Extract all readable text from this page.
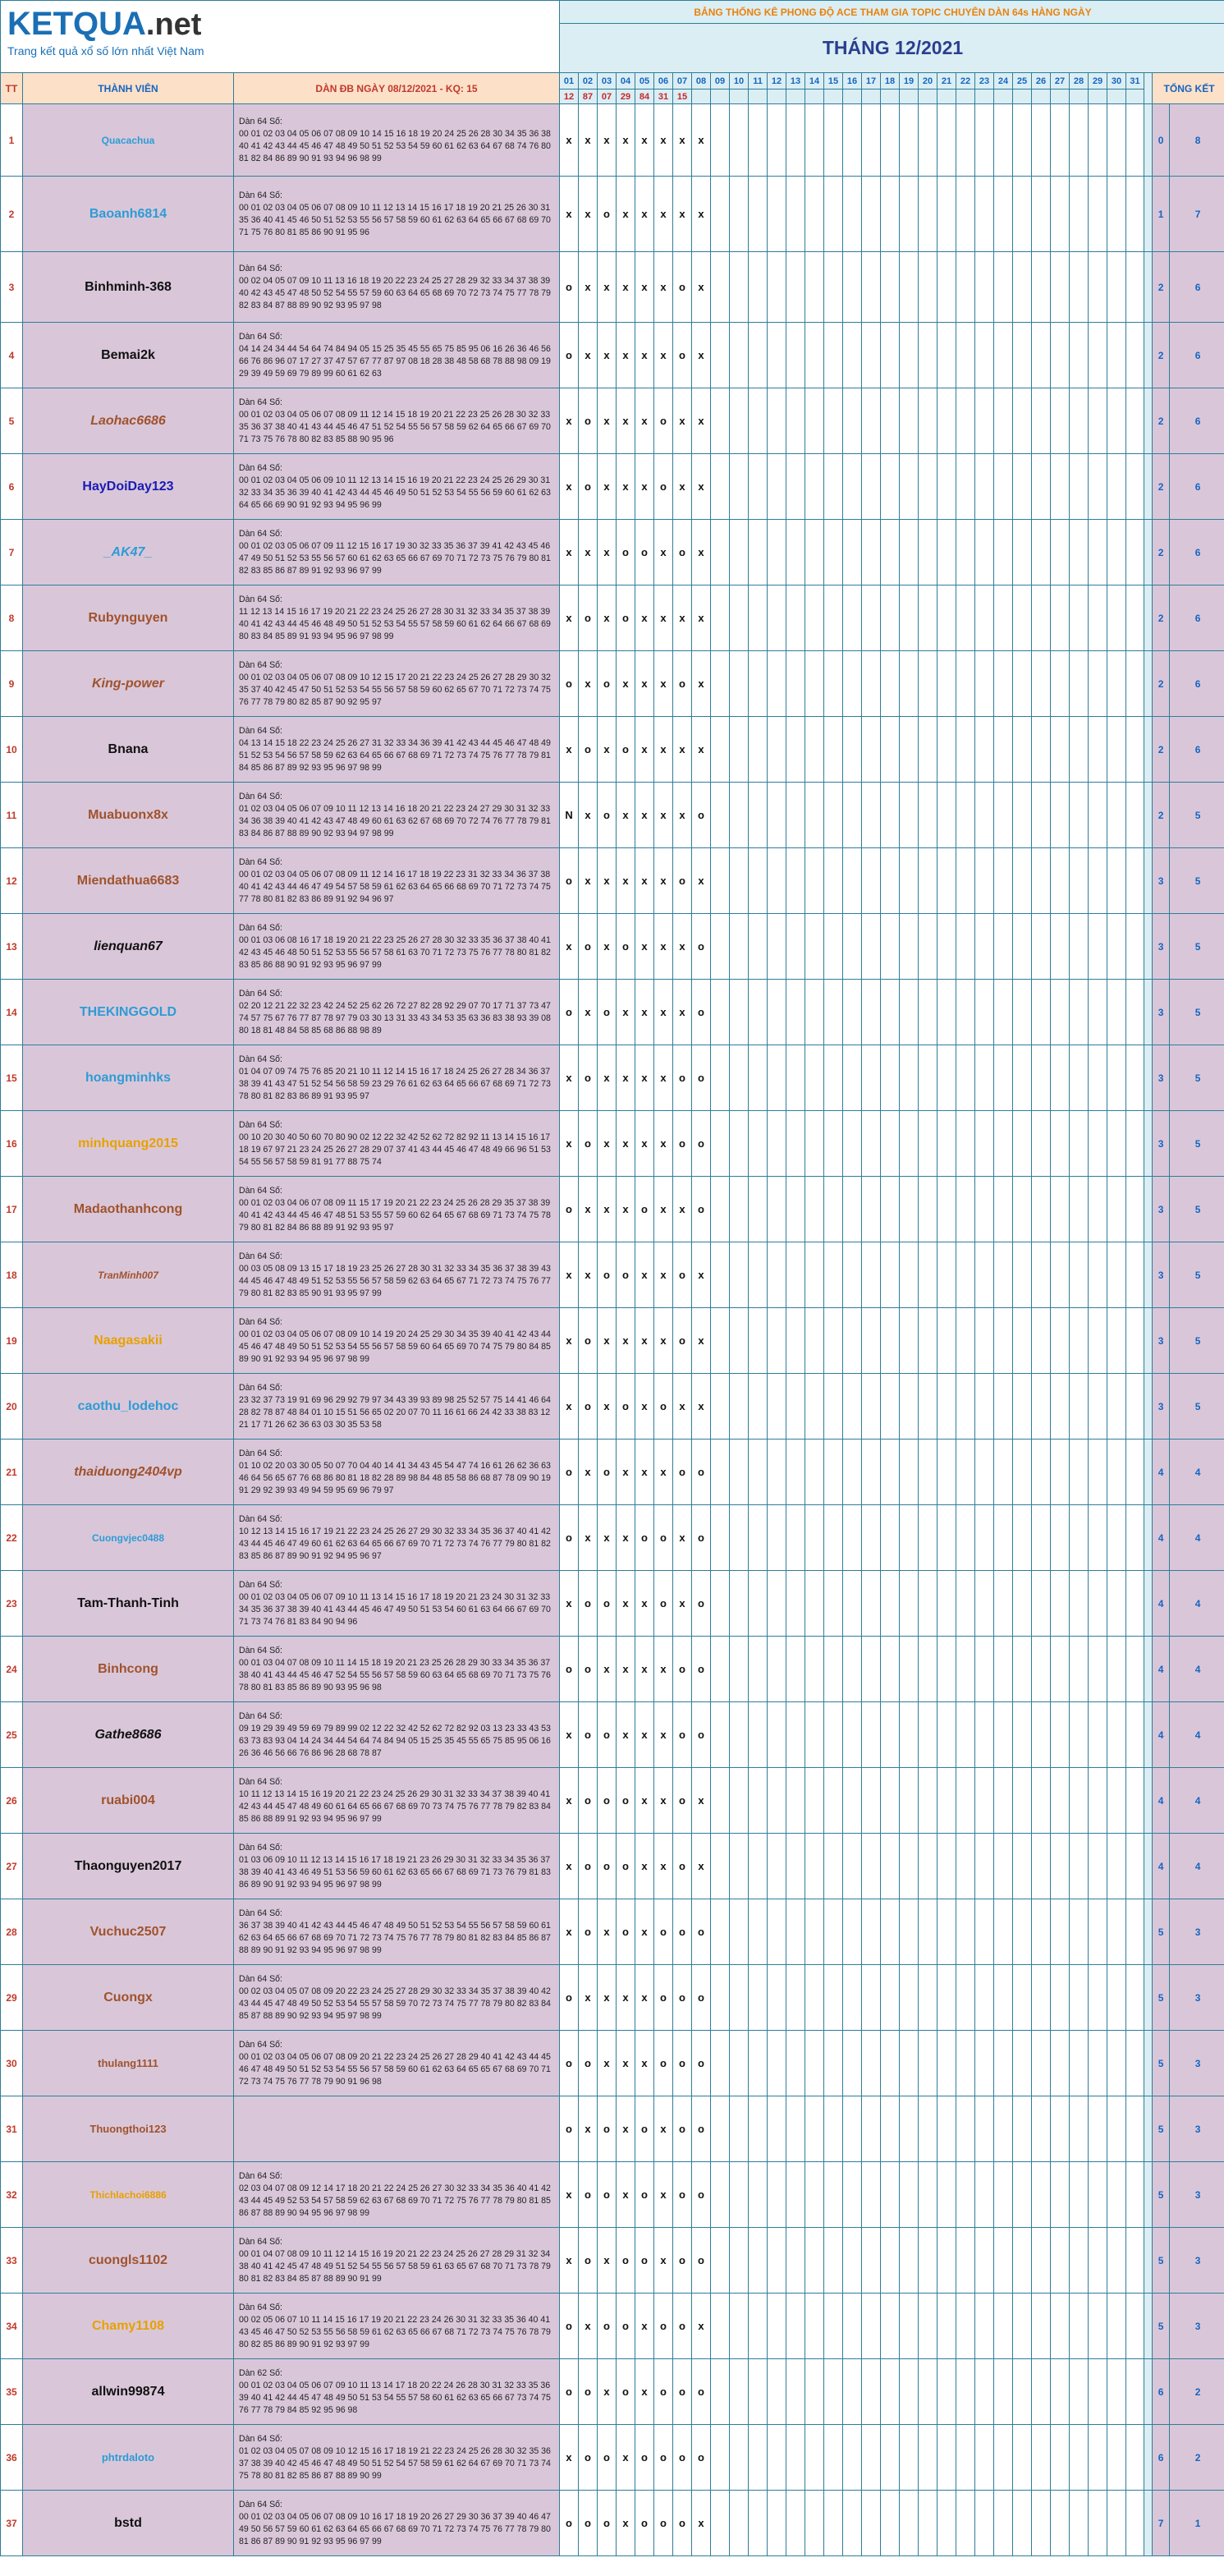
KETQUA.net
Trang kết quả xổ số lớn nhất Việt Nam			BẢNG THỐNG KÊ PHONG ĐỘ ACE THAM GIA TOPIC CHUYÊN DÀN 64s HÀNG NGÀY																																	
			THÁNG 12/2021																																	
TT	THÀNH VIÊN	DÀN ĐB NGÀY 08/12/2021 - KQ: 15	01	02	03	04	05	06	07	08	09	10	11	12	13	14	15	16	17	18	19	20	21	22	23	24	25	26	27	28	29	30	31		TỔNG KẾT	
			12	87	07	29	84	31	15																											
1	Quacachua	Dàn 64 Số:
00 01 02 03 04 05 06 07 08 09 10 14 15 16 18 19 20 24 25 26 28 30 34 35 36 38 40 41 42 43 44 45 46 47 48 49 50 51 52 53 54 59 60 61 62 63 64 67 68 74 76 80 81 82 84 86 89 90 91 93 94 96 98 99	x	x	x	x	x	x	x	x																									0	8
2	Baoanh6814	Dàn 64 Số:
00 01 02 03 04 05 06 07 08 09 10 11 12 13 14 15 16 17 18 19 20 21 25 26 30 31 35 36 40 41 45 46 50 51 52 53 55 56 57 58 59 60 61 62 63 64 65 66 67 68 69 70 71 75 76 80 81 85 86 90 91 95 96	x	x	o	x	x	x	x	x																									1	7
3	Binhminh-368	Dàn 64 Số:
00 02 04 05 07 09 10 11 13 16 18 19 20 22 23 24 25 27 28 29 32 33 34 37 38 39 40 42 43 45 47 48 50 52 54 55 57 59 60 63 64 65 68 69 70 72 73 74 75 77 78 79 82 83 84 87 88 89 90 92 93 95 97 98	o	x	x	x	x	x	o	x																									2	6
4	Bemai2k	Dàn 64 Số:
04 14 24 34 44 54 64 74 84 94 05 15 25 35 45 55 65 75 85 95 06 16 26 36 46 56 66 76 86 96 07 17 27 37 47 57 67 77 87 97 08 18 28 38 48 58 68 78 88 98 09 19 29 39 49 59 69 79 89 99 60 61 62 63	o	x	x	x	x	x	o	x																									2	6
5	Laohac6686	Dàn 64 Số:
00 01 02 03 04 05 06 07 08 09 11 12 14 15 18 19 20 21 22 23 25 26 28 30 32 33 35 36 37 38 40 41 43 44 45 46 47 51 52 54 55 56 57 58 59 62 64 65 66 67 69 70 71 73 75 76 78 80 82 83 85 88 90 95 96	x	o	x	x	x	o	x	x																									2	6
6	HayDoiDay123	Dàn 64 Số:
00 01 02 03 04 05 06 09 10 11 12 13 14 15 16 19 20 21 22 23 24 25 26 29 30 31 32 33 34 35 36 39 40 41 42 43 44 45 46 49 50 51 52 53 54 55 56 59 60 61 62 63 64 65 66 69 90 91 92 93 94 95 96 99	x	o	x	x	x	o	x	x																									2	6
7	_AK47_	Dàn 64 Số:
00 01 02 03 05 06 07 09 11 12 15 16 17 19 30 32 33 35 36 37 39 41 42 43 45 46 47 49 50 51 52 53 55 56 57 60 61 62 63 65 66 67 69 70 71 72 73 75 76 79 80 81 82 83 85 86 87 89 91 92 93 96 97 99	x	x	x	o	o	x	o	x																									2	6
8	Rubynguyen	Dàn 64 Số:
11 12 13 14 15 16 17 19 20 21 22 23 24 25 26 27 28 30 31 32 33 34 35 37 38 39 40 41 42 43 44 45 46 48 49 50 51 52 53 54 55 57 58 59 60 61 62 64 66 67 68 69 80 83 84 85 89 91 93 94 95 96 97 98 99	x	o	x	o	x	x	x	x																									2	6
9	King-power	Dàn 64 Số:
00 01 02 03 04 05 06 07 08 09 10 12 15 17 20 21 22 23 24 25 26 27 28 29 30 32 35 37 40 42 45 47 50 51 52 53 54 55 56 57 58 59 60 62 65 67 70 71 72 73 74 75 76 77 78 79 80 82 85 87 90 92 95 97	o	x	o	x	x	x	o	x																									2	6
10	Bnana	Dàn 64 Số:
04 13 14 15 18 22 23 24 25 26 27 31 32 33 34 36 39 41 42 43 44 45 46 47 48 49 51 52 53 54 56 57 58 59 62 63 64 65 66 67 68 69 71 72 73 74 75 76 77 78 79 81 84 85 86 87 89 92 93 95 96 97 98 99	x	o	x	o	x	x	x	x																									2	6
11	Muabuonx8x	Dàn 64 Số:
01 02 03 04 05 06 07 09 10 11 12 13 14 16 18 20 21 22 23 24 27 29 30 31 32 33 34 36 38 39 40 41 42 43 47 48 49 60 61 63 62 67 68 69 70 72 74 76 77 78 79 81 83 84 86 87 88 89 90 92 93 94 97 98 99	N	x	o	x	x	x	x	o																									2	5
12	Miendathua6683	Dàn 64 Số:
00 01 02 03 04 05 06 07 08 09 11 12 14 16 17 18 19 22 23 31 32 33 34 36 37 38 40 41 42 43 44 46 47 49 54 57 58 59 61 62 63 64 65 66 68 69 70 71 72 73 74 75 77 78 80 81 82 83 86 89 91 92 94 96 97	o	x	x	x	x	x	o	x																									3	5
13	lienquan67	Dàn 64 Số:
00 01 03 06 08 16 17 18 19 20 21 22 23 25 26 27 28 30 32 33 35 36 37 38 40 41 42 43 45 46 48 50 51 52 53 55 56 57 58 61 63 70 71 72 73 75 76 77 78 80 81 82 83 85 86 88 90 91 92 93 95 96 97 99	x	o	x	o	x	x	x	o																									3	5
14	THEKINGGOLD	Dàn 64 Số:
02 20 12 21 22 32 23 42 24 52 25 62 26 72 27 82 28 92 29 07 70 17 71 37 73 47 74 57 75 67 76 77 87 78 97 79 03 30 13 31 33 43 34 53 35 63 36 83 38 93 39 08 80 18 81 48 84 58 85 68 86 88 98 89	o	x	o	x	x	x	x	o																									3	5
15	hoangminhks	Dàn 64 Số:
01 04 07 09 74 75 76 85 20 21 10 11 12 14 15 16 17 18 24 25 26 27 28 34 36 37 38 39 41 43 47 51 52 54 56 58 59 23 29 76 61 62 63 64 65 66 67 68 69 71 72 73 78 80 81 82 83 86 89 91 93 95 97	x	o	x	x	x	x	o	o																									3	5
16	minhquang2015	Dàn 64 Số:
00 10 20 30 40 50 60 70 80 90 02 12 22 32 42 52 62 72 82 92 11 13 14 15 16 17 18 19 67 97 21 23 24 25 26 27 28 29 07 37 41 43 44 45 46 47 48 49 66 96 51 53 54 55 56 57 58 59 81 91 77 88 75 74	x	o	x	x	x	x	o	o																									3	5
17	Madaothanhcong	Dàn 64 Số:
00 01 02 03 04 06 07 08 09 11 15 17 19 20 21 22 23 24 25 26 28 29 35 37 38 39 40 41 42 43 44 45 46 47 48 51 53 55 57 59 60 62 64 65 67 68 69 71 73 74 75 78 79 80 81 82 84 86 88 89 91 92 93 95 97	o	x	x	x	o	x	x	o																									3	5
18	TranMinh007	Dàn 64 Số:
00 03 05 08 09 13 15 17 18 19 23 25 26 27 28 30 31 32 33 34 35 36 37 38 39 43 44 45 46 47 48 49 51 52 53 55 56 57 58 59 62 63 64 65 67 71 72 73 74 75 76 77 79 80 81 82 83 85 90 91 93 95 97 99	x	x	o	o	x	x	o	x																									3	5
19	Naagasakii	Dàn 64 Số:
00 01 02 03 04 05 06 07 08 09 10 14 19 20 24 25 29 30 34 35 39 40 41 42 43 44 45 46 47 48 49 50 51 52 53 54 55 56 57 58 59 60 64 65 69 70 74 75 79 80 84 85 89 90 91 92 93 94 95 96 97 98 99	x	o	x	x	x	x	o	x																									3	5
20	caothu_lodehoc	Dàn 64 Số:
23 32 37 73 19 91 69 96 29 92 79 97 34 43 39 93 89 98 25 52 57 75 14 41 46 64 28 82 78 87 48 84 01 10 15 51 56 65 02 20 07 70 11 16 61 66 24 42 33 38 83 12 21 17 71 26 62 36 63 03 30 35 53 58	x	o	x	o	x	o	x	x																									3	5
21	thaiduong2404vp	Dàn 64 Số:
01 10 02 20 03 30 05 50 07 70 04 40 14 41 34 43 45 54 47 74 16 61 26 62 36 63 46 64 56 65 67 76 68 86 80 81 18 82 28 89 98 84 48 85 58 86 68 87 78 09 90 19 91 29 92 39 93 49 94 59 95 69 96 79 97	o	x	o	x	x	x	o	o																									4	4
22	Cuongvjec0488	Dàn 64 Số:
10 12 13 14 15 16 17 19 21 22 23 24 25 26 27 29 30 32 33 34 35 36 37 40 41 42 43 44 45 46 47 49 60 61 62 63 64 65 66 67 69 70 71 72 73 74 76 77 79 80 81 82 83 85 86 87 89 90 91 92 94 95 96 97	o	x	x	x	o	o	x	o																									4	4
23	Tam-Thanh-Tinh	Dàn 64 Số:
00 01 02 03 04 05 06 07 09 10 11 13 14 15 16 17 18 19 20 21 23 24 30 31 32 33 34 35 36 37 38 39 40 41 43 44 45 46 47 49 50 51 53 54 60 61 63 64 66 67 69 70 71 73 74 76 81 83 84 90 94 96	x	o	o	x	x	o	x	o																									4	4
24	Binhcong	Dàn 64 Số:
00 01 03 04 07 08 09 10 11 14 15 18 19 20 21 23 25 26 28 29 30 33 34 35 36 37 38 40 41 43 44 45 46 47 52 54 55 56 57 58 59 60 63 64 65 68 69 70 71 73 75 76 78 80 81 83 85 86 89 90 93 95 96 98	o	o	x	x	x	x	o	o																									4	4
25	Gathe8686	Dàn 64 Số:
09 19 29 39 49 59 69 79 89 99 02 12 22 32 42 52 62 72 82 92 03 13 23 33 43 53 63 73 83 93 04 14 24 34 44 54 64 74 84 94 05 15 25 35 45 55 65 75 85 95 06 16 26 36 46 56 66 76 86 96 28 68 78 87	x	o	o	x	x	x	o	o																									4	4
26	ruabi004	Dàn 64 Số:
10 11 12 13 14 15 16 19 20 21 22 23 24 25 26 29 30 31 32 33 34 37 38 39 40 41 42 43 44 45 47 48 49 60 61 64 65 66 67 68 69 70 73 74 75 76 77 78 79 82 83 84 85 86 88 89 91 92 93 94 95 96 97 99	x	o	o	o	x	x	o	x																									4	4
27	Thaonguyen2017	Dàn 64 Số:
01 03 06 09 10 11 12 13 14 15 16 17 18 19 21 23 26 29 30 31 32 33 34 35 36 37 38 39 40 41 43 46 49 51 53 56 59 60 61 62 63 65 66 67 68 69 71 73 76 79 81 83 86 89 90 91 92 93 94 95 96 97 98 99	x	o	o	o	x	x	o	x																									4	4
28	Vuchuc2507	Dàn 64 Số:
36 37 38 39 40 41 42 43 44 45 46 47 48 49 50 51 52 53 54 55 56 57 58 59 60 61 62 63 64 65 66 67 68 69 70 71 72 73 74 75 76 77 78 79 80 81 82 83 84 85 86 87 88 89 90 91 92 93 94 95 96 97 98 99	x	o	x	o	x	o	o	o																									5	3
29	Cuongx	Dàn 64 Số:
00 02 03 04 05 07 08 09 20 22 23 24 25 27 28 29 30 32 33 34 35 37 38 39 40 42 43 44 45 47 48 49 50 52 53 54 55 57 58 59 70 72 73 74 75 77 78 79 80 82 83 84 85 87 88 89 90 92 93 94 95 97 98 99	o	x	x	x	x	o	o	o																									5	3
30	thulang1111	Dàn 64 Số:
00 01 02 03 04 05 06 07 08 09 20 21 22 23 24 25 26 27 28 29 40 41 42 43 44 45 46 47 48 49 50 51 52 53 54 55 56 57 58 59 60 61 62 63 64 65 65 67 68 69 70 71 72 73 74 75 76 77 78 79 90 91 96 98	o	o	x	x	x	o	o	o																									5	3
31	Thuongthoi123		o	x	o	x	o	x	o	o																									5	3
32	Thichlachoi6886	Dàn 64 Số:
02 03 04 07 08 09 12 14 17 18 20 21 22 24 25 26 27 30 32 33 34 35 36 40 41 42 43 44 45 49 52 53 54 57 58 59 62 63 67 68 69 70 71 72 75 76 77 78 79 80 81 85 86 87 88 89 90 94 95 96 97 98 99	x	o	o	x	o	x	o	o																									5	3
33	cuongls1102	Dàn 64 Số:
00 01 04 07 08 09 10 11 12 14 15 16 19 20 21 22 23 24 25 26 27 28 29 31 32 34 38 40 41 42 45 47 48 49 51 52 54 55 56 57 58 59 61 63 65 67 68 70 71 73 78 79 80 81 82 83 84 85 87 88 89 90 91 99	x	o	x	o	o	x	o	o																									5	3
34	Chamy1108	Dàn 64 Số:
00 02 05 06 07 10 11 14 15 16 17 19 20 21 22 23 24 26 30 31 32 33 35 36 40 41 43 45 46 47 50 52 53 55 56 58 59 61 62 63 65 66 67 68 71 72 73 74 75 76 78 79 80 82 85 86 89 90 91 92 93 97 99	o	x	o	o	x	o	o	x																									5	3
35	allwin99874	Dàn 62 Số:
00 01 02 03 04 05 06 07 09 10 11 13 14 17 18 20 22 24 26 28 30 31 32 33 35 36 39 40 41 42 44 45 47 48 49 50 51 53 54 55 57 58 60 61 62 63 65 66 67 73 74 75 76 77 78 79 84 85 92 95 96 98	o	o	x	o	x	o	o	o																									6	2
36	phtrdaloto	Dàn 64 Số:
01 02 03 04 05 07 08 09 10 12 15 16 17 18 19 21 22 23 24 25 26 28 30 32 35 36 37 38 39 40 42 45 46 47 48 49 50 51 52 54 57 58 59 61 62 64 67 69 70 71 73 74 75 78 80 81 82 85 86 87 88 89 90 99	x	o	o	x	o	o	o	o																									6	2
37	bstd	Dàn 64 Số:
00 01 02 03 04 05 06 07 08 09 10 16 17 18 19 20 26 27 29 30 36 37 39 40 46 47 49 50 56 57 59 60 61 62 63 64 65 66 67 68 69 70 71 72 73 74 75 76 77 78 79 80 81 86 87 89 90 91 92 93 95 96 97 99	o	o	o	x	o	o	o	x																									7	1
